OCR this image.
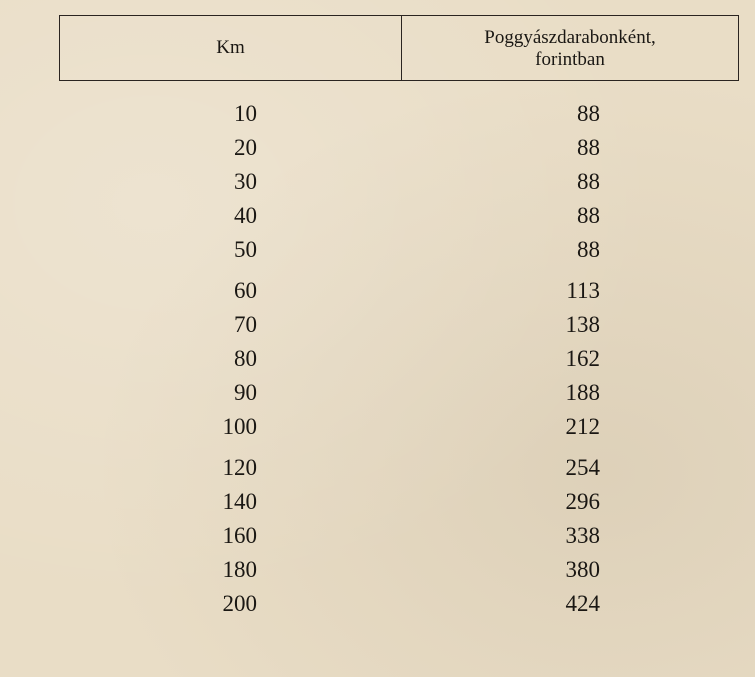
Km	Poggyászdarabonként,
forintban
10	88
20	88
30	88
40	88
50	88
60	113
70	138
80	162
90	188
100	212
120	254
140	296
160	338
180	380
200	424
